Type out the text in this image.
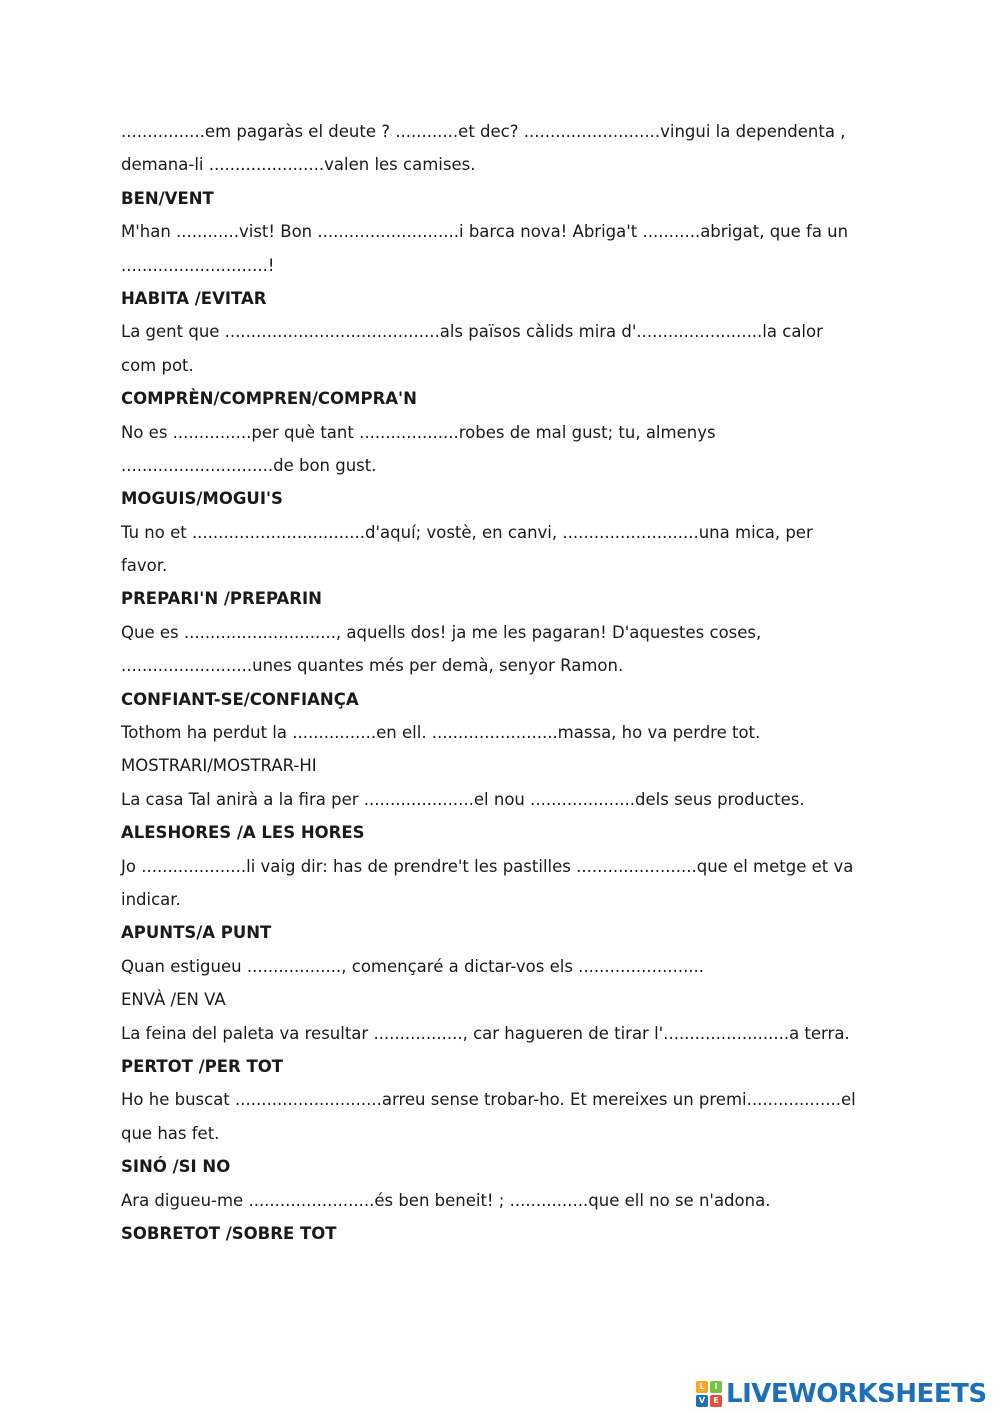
................em pagaràs el deute ? ............et dec? ..........................vingui la dependenta ,
demana-li ......................valen les camises.
BEN/VENT
M'han ............vist! Bon ...........................i barca nova! Abriga't ...........abrigat, que fa un
............................!
HABITA /EVITAR
La gent que .........................................als països càlids mira d'........................la calor
com pot.
COMPRÈN/COMPREN/COMPRA'N
No es ...............per què tant ...................robes de mal gust; tu, almenys
.............................de bon gust.
MOGUIS/MOGUI'S
Tu no et .................................d'aquí; vostè, en canvi, ..........................una mica, per
favor.
PREPARI'N /PREPARIN
Que es ............................., aquells dos! ja me les pagaran! D'aquestes coses,
.........................unes quantes més per demà, senyor Ramon.
CONFIANT-SE/CONFIANÇA
Tothom ha perdut la ................en ell. ........................massa, ho va perdre tot.
MOSTRARI/MOSTRAR-HI
La casa Tal anirà a la fira per .....................el nou ....................dels seus productes.
ALESHORES /A LES HORES
Jo ....................li vaig dir: has de prendre't les pastilles .......................que el metge et va
indicar.
APUNTS/A PUNT
Quan estigueu .................., començaré a dictar-vos els ........................
ENVÀ /EN VA
La feina del paleta va resultar ................., car hagueren de tirar l'........................a terra.
PERTOT /PER TOT
Ho he buscat ............................arreu sense trobar-ho. Et mereixes un premi..................el
que has fet.
SINÓ /SI NO
Ara digueu-me ........................és ben beneit! ; ...............que ell no se n'adona.
SOBRETOT /SOBRE TOT
L	I
V	E LIVEWORKSHEETS
